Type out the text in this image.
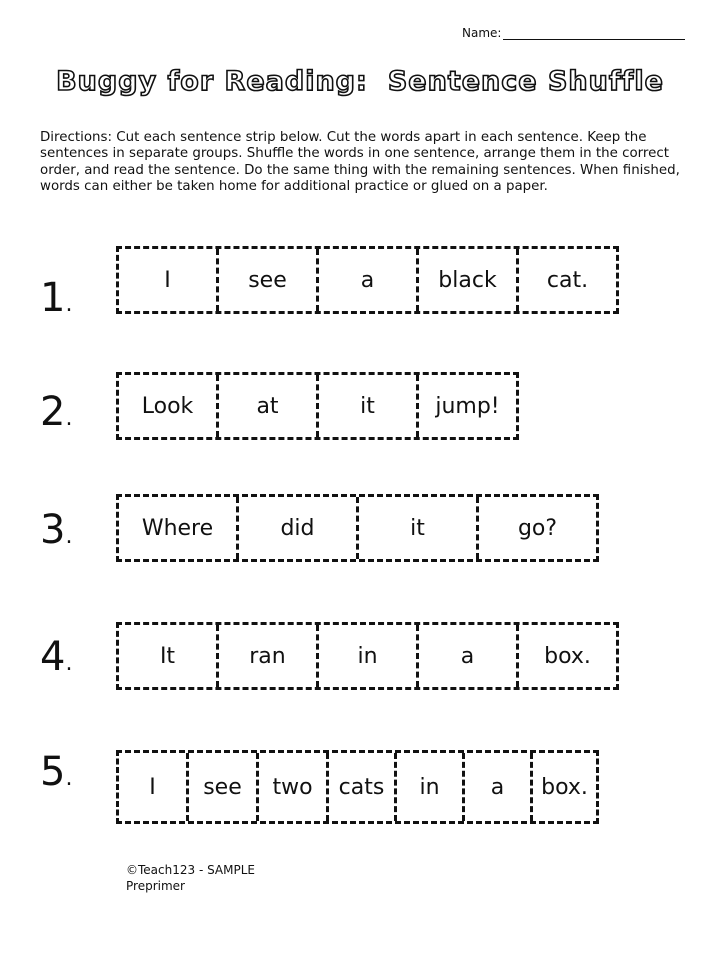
Name:
Buggy for Reading: Sentence Shuffle
Directions: Cut each sentence strip below. Cut the words apart in each sentence. Keep the sentences in separate groups. Shuffle the words in one sentence, arrange them in the correct order, and read the sentence. Do the same thing with the remaining sentences. When finished, words can either be taken home for additional practice or glued on a paper.
1.
I	see	a	black	cat.
2.	Look	at	it	jump!
3.	Where	did	it	go?
4.	It	ran	in	a	box.
5.	I	see	two	cats	in	a	box.
©Teach123 - SAMPLE
Preprimer
